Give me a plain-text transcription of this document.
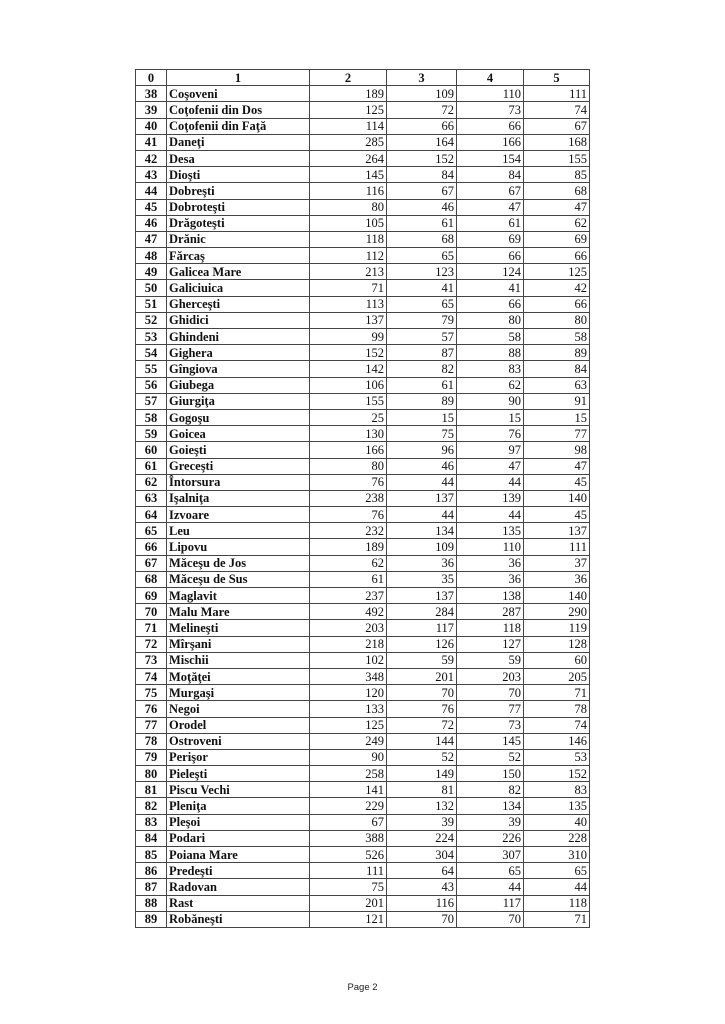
0	1	2	3	4	5
38	Coşoveni	189	109	110	111
39	Coţofenii din Dos	125	72	73	74
40	Coţofenii din Faţă	114	66	66	67
41	Daneţi	285	164	166	168
42	Desa	264	152	154	155
43	Dioşti	145	84	84	85
44	Dobreşti	116	67	67	68
45	Dobroteşti	80	46	47	47
46	Drăgoteşti	105	61	61	62
47	Drănic	118	68	69	69
48	Fărcaş	112	65	66	66
49	Galicea Mare	213	123	124	125
50	Galiciuica	71	41	41	42
51	Gherceşti	113	65	66	66
52	Ghidici	137	79	80	80
53	Ghindeni	99	57	58	58
54	Gighera	152	87	88	89
55	Gîngiova	142	82	83	84
56	Giubega	106	61	62	63
57	Giurgiţa	155	89	90	91
58	Gogoşu	25	15	15	15
59	Goicea	130	75	76	77
60	Goieşti	166	96	97	98
61	Greceşti	80	46	47	47
62	Întorsura	76	44	44	45
63	Işalniţa	238	137	139	140
64	Izvoare	76	44	44	45
65	Leu	232	134	135	137
66	Lipovu	189	109	110	111
67	Măceşu de Jos	62	36	36	37
68	Măceşu de Sus	61	35	36	36
69	Maglavit	237	137	138	140
70	Malu Mare	492	284	287	290
71	Melineşti	203	117	118	119
72	Mîrşani	218	126	127	128
73	Mischii	102	59	59	60
74	Moţăţei	348	201	203	205
75	Murgaşi	120	70	70	71
76	Negoi	133	76	77	78
77	Orodel	125	72	73	74
78	Ostroveni	249	144	145	146
79	Perişor	90	52	52	53
80	Pieleşti	258	149	150	152
81	Piscu Vechi	141	81	82	83
82	Pleniţa	229	132	134	135
83	Pleşoi	67	39	39	40
84	Podari	388	224	226	228
85	Poiana Mare	526	304	307	310
86	Predeşti	111	64	65	65
87	Radovan	75	43	44	44
88	Rast	201	116	117	118
89	Robăneşti	121	70	70	71
Page 2
